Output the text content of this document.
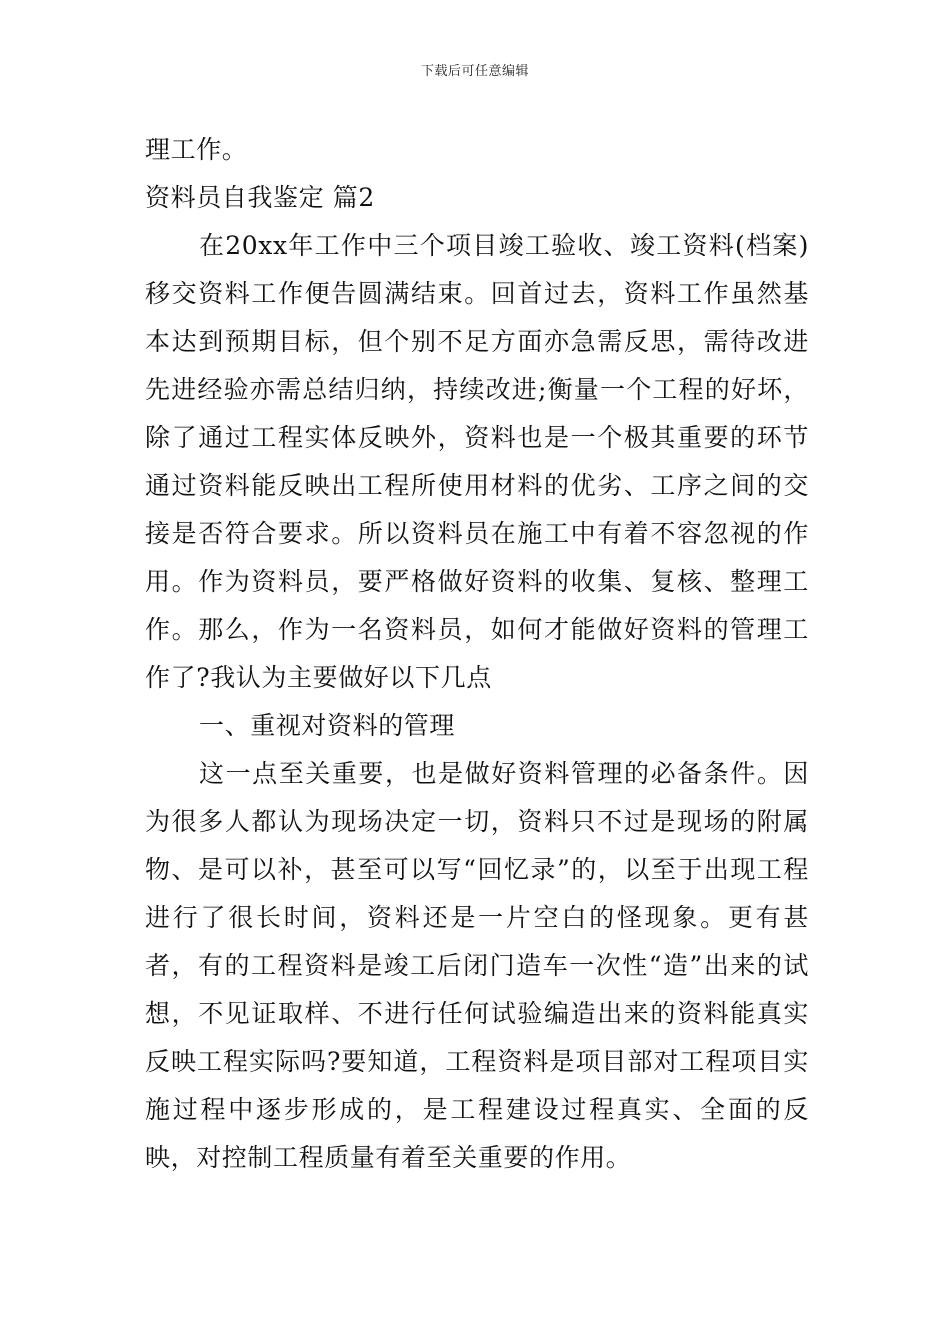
下载后可任意编辑

理工作。

资料员自我鉴定 篇2

在20xx年工作中三个项目竣工验收、竣工资料(档案)移交资料工作便告圆满结束。回首过去，资料工作虽然基本达到预期目标，但个别不足方面亦急需反思，需待改进先进经验亦需总结归纳，持续改进;衡量一个工程的好坏，除了通过工程实体反映外，资料也是一个极其重要的环节通过资料能反映出工程所使用材料的优劣、工序之间的交接是否符合要求。所以资料员在施工中有着不容忽视的作用。作为资料员，要严格做好资料的收集、复核、整理工作。那么，作为一名资料员，如何才能做好资料的管理工作了?我认为主要做好以下几点

一、重视对资料的管理

这一点至关重要，也是做好资料管理的必备条件。因为很多人都认为现场决定一切，资料只不过是现场的附属物、是可以补，甚至可以写“回忆录”的，以至于出现工程进行了很长时间，资料还是一片空白的怪现象。更有甚者，有的工程资料是竣工后闭门造车一次性“造”出来的试想，不见证取样、不进行任何试验编造出来的资料能真实反映工程实际吗?要知道，工程资料是项目部对工程项目实施过程中逐步形成的，是工程建设过程真实、全面的反映，对控制工程质量有着至关重要的作用。
